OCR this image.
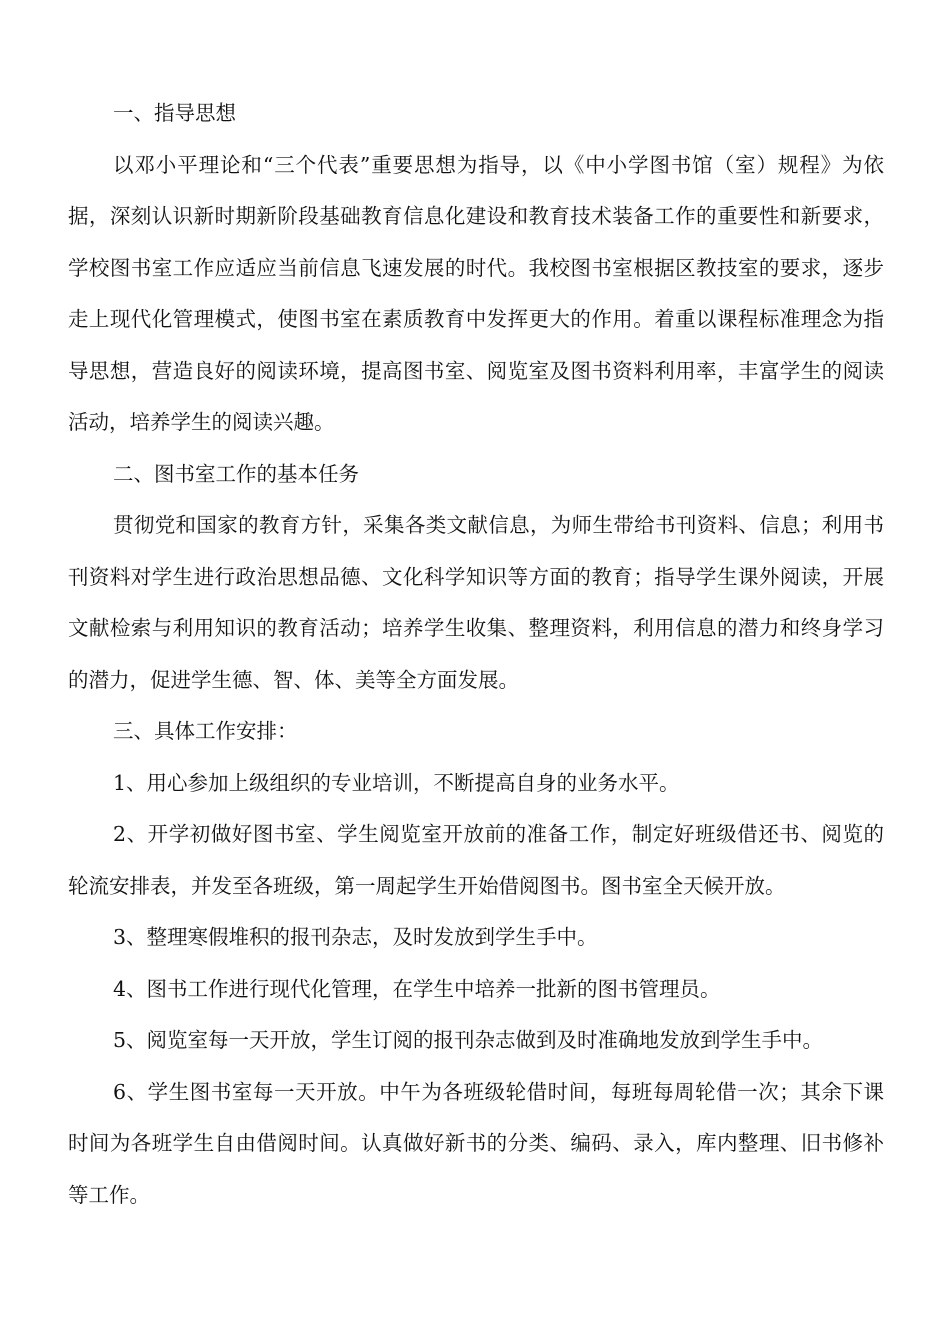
一、指导思想

以邓小平理论和“三个代表”重要思想为指导，以《中小学图书馆（室）规程》为依据，深刻认识新时期新阶段基础教育信息化建设和教育技术装备工作的重要性和新要求，学校图书室工作应适应当前信息飞速发展的时代。我校图书室根据区教技室的要求，逐步走上现代化管理模式，使图书室在素质教育中发挥更大的作用。着重以课程标准理念为指导思想，营造良好的阅读环境，提高图书室、阅览室及图书资料利用率，丰富学生的阅读活动，培养学生的阅读兴趣。

二、图书室工作的基本任务

贯彻党和国家的教育方针，采集各类文献信息，为师生带给书刊资料、信息；利用书刊资料对学生进行政治思想品德、文化科学知识等方面的教育；指导学生课外阅读，开展文献检索与利用知识的教育活动；培养学生收集、整理资料，利用信息的潜力和终身学习的潜力，促进学生德、智、体、美等全方面发展。

三、具体工作安排：

1、用心参加上级组织的专业培训，不断提高自身的业务水平。

2、开学初做好图书室、学生阅览室开放前的准备工作，制定好班级借还书、阅览的轮流安排表，并发至各班级，第一周起学生开始借阅图书。图书室全天候开放。

3、整理寒假堆积的报刊杂志，及时发放到学生手中。

4、图书工作进行现代化管理，在学生中培养一批新的图书管理员。

5、阅览室每一天开放，学生订阅的报刊杂志做到及时准确地发放到学生手中。

6、学生图书室每一天开放。中午为各班级轮借时间，每班每周轮借一次；其余下课时间为各班学生自由借阅时间。认真做好新书的分类、编码、录入，库内整理、旧书修补等工作。
